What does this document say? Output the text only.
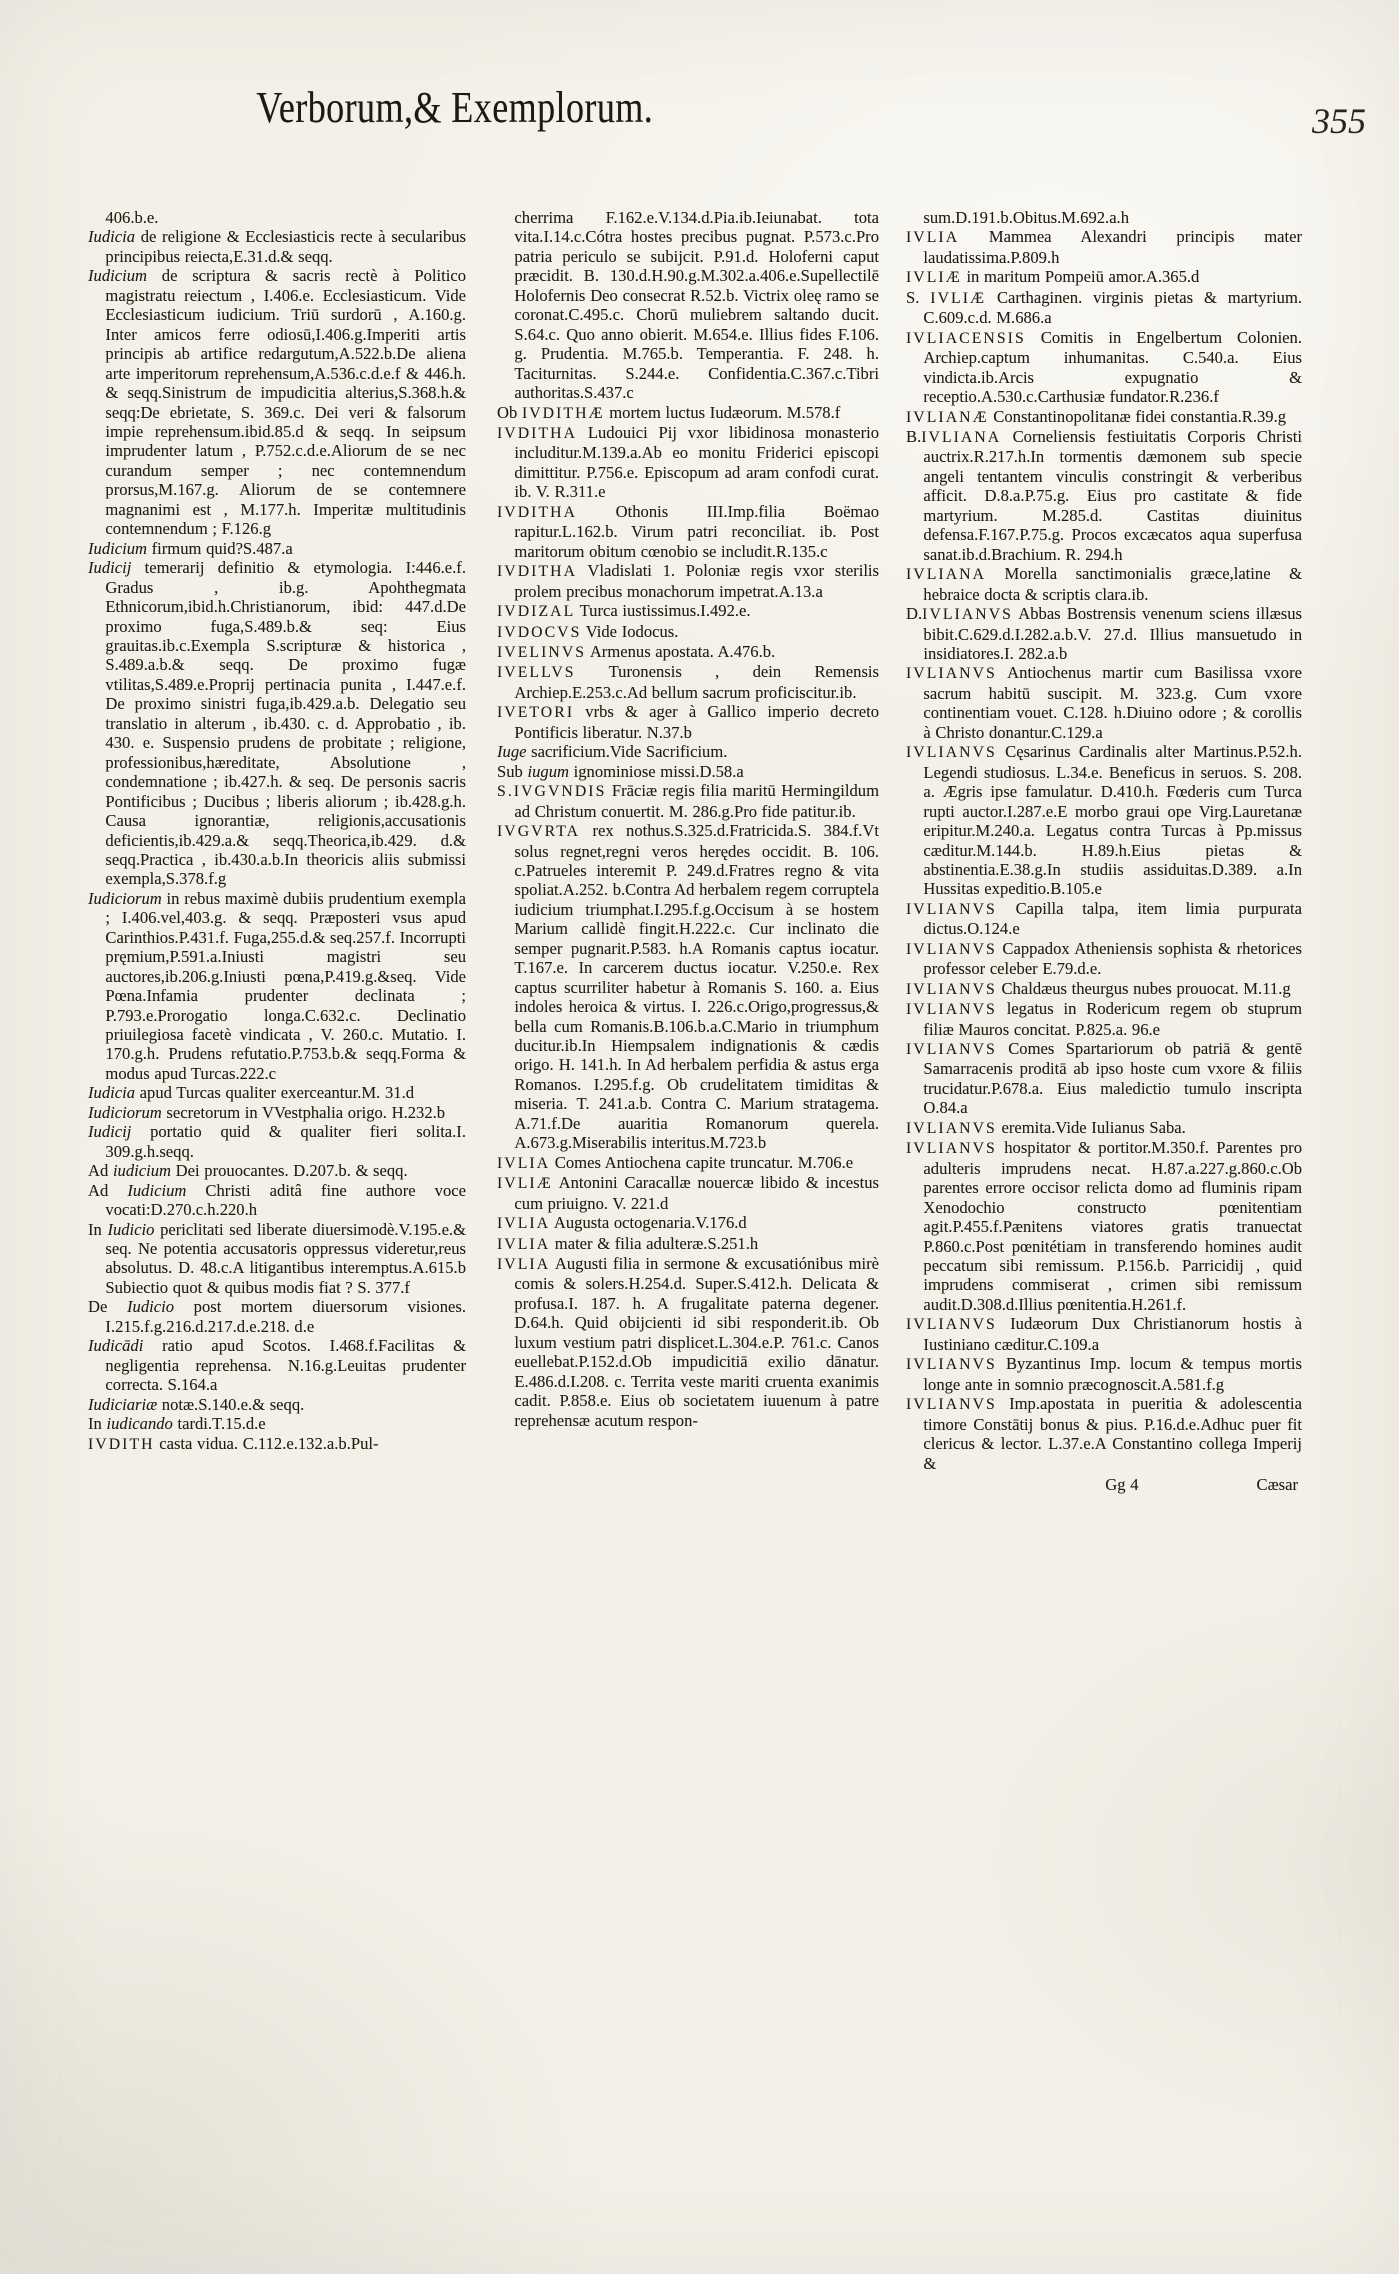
Verborum,& Exemplorum.	355

406.b.e.

Iudicia de religione & Ecclesiasticis recte à secularibus principibus reiecta,E.31.d.& seqq.

Iudicium de scriptura & sacris rectè à Politico magistratu reiectum , I.406.e. Ecclesiasticum. Vide Ecclesiasticum iudicium. Triū surdorū , A.160.g. Inter amicos ferre odiosū,I.406.g.Imperiti artis principis ab artifice redargutum,A.522.b.De aliena arte imperitorum reprehensum,A.536.c.d.e.f & 446.h. & seqq.Sinistrum de impudicitia alterius,S.368.h.& seqq:De ebrietate, S. 369.c. Dei veri & falsorum impie reprehensum.ibid.85.d & seqq. In seipsum imprudenter latum , P.752.c.d.e.Aliorum de se nec curandum semper ; nec contemnendum prorsus,M.167.g. Aliorum de se contemnere magnanimi est , M.177.h. Imperitæ multitudinis contemnendum ; F.126.g

Iudicium firmum quid?S.487.a

Iudicij temerarij definitio & etymologia. I:446.e.f. Gradus , ib.g. Apohthegmata Ethnicorum,ibid.h.Christianorum, ibid: 447.d.De proximo fuga,S.489.b.& seq: Eius grauitas.ib.c.Exempla S.scripturæ & historica , S.489.a.b.& seqq. De proximo fugæ vtilitas,S.489.e.Proprij pertinacia punita , I.447.e.f. De proximo sinistri fuga,ib.429.a.b. Delegatio seu translatio in alterum , ib.430. c. d. Approbatio , ib. 430. e. Suspensio prudens de probitate ; religione, professionibus,hæreditate, Absolutione , condemnatione ; ib.427.h. & seq. De personis sacris Pontificibus ; Ducibus ; liberis aliorum ; ib.428.g.h. Causa ignorantiæ, religionis,accusationis deficientis,ib.429.a.& seqq.Theorica,ib.429. d.& seqq.Practica , ib.430.a.b.In theoricis aliis submissi exempla,S.378.f.g

Iudiciorum in rebus maximè dubiis prudentium exempla ; I.406.vel,403.g. & seqq. Præposteri vsus apud Carinthios.P.431.f. Fuga,255.d.& seq.257.f. Incorrupti pręmium,P.591.a.Iniusti magistri seu auctores,ib.206.g.Iniusti pœna,P.419.g.&seq. Vide Pœna.Infamia prudenter declinata ; P.793.e.Prorogatio longa.C.632.c. Declinatio priuilegiosa facetè vindicata , V. 260.c. Mutatio. I. 170.g.h. Prudens refutatio.P.753.b.& seqq.Forma & modus apud Turcas.222.c

Iudicia apud Turcas qualiter exerceantur.M. 31.d

Iudiciorum secretorum in VVestphalia origo. H.232.b

Iudicij portatio quid & qualiter fieri solita.I. 309.g.h.seqq.

Ad iudicium Dei prouocantes. D.207.b. & seqq.

Ad Iudicium Christi aditâ fine authore voce vocati:D.270.c.h.220.h

In Iudicio periclitati sed liberate diuersimodè.V.195.e.& seq. Ne potentia accusatoris oppressus videretur,reus absolutus. D. 48.c.A litigantibus interemptus.A.615.b Subiectio quot & quibus modis fiat ? S. 377.f

De Iudicio post mortem diuersorum visiones. I.215.f.g.216.d.217.d.e.218. d.e

Iudicādi ratio apud Scotos. I.468.f.Facilitas & negligentia reprehensa. N.16.g.Leuitas prudenter correcta. S.164.a

Iudiciariæ notæ.S.140.e.& seqq.

In iudicando tardi.T.15.d.e

IVDITH casta vidua. C.112.e.132.a.b.Pul-

cherrima F.162.e.V.134.d.Pia.ib.Ieiunabat. tota vita.I.14.c.Cótra hostes precibus pugnat. P.573.c.Pro patria periculo se subijcit. P.91.d. Holoferni caput præcidit. B. 130.d.H.90.g.M.302.a.406.e.Supellectilē Holofernis Deo consecrat R.52.b. Victrix oleę ramo se coronat.C.495.c. Chorū muliebrem saltando ducit. S.64.c. Quo anno obierit. M.654.e. Illius fides F.106. g. Prudentia. M.765.b. Temperantia. F. 248. h. Taciturnitas. S.244.e. Confidentia.C.367.c.Tibri authoritas.S.437.c

Ob IVDITHÆ mortem luctus Iudæorum. M.578.f

IVDITHA Ludouici Pij vxor libidinosa monasterio includitur.M.139.a.Ab eo monitu Friderici episcopi dimittitur. P.756.e. Episcopum ad aram confodi curat. ib. V. R.311.e

IVDITHA Othonis III.Imp.filia Boëmao rapitur.L.162.b. Virum patri reconciliat. ib. Post maritorum obitum cœnobio se includit.R.135.c

IVDITHA Vladislati 1. Poloniæ regis vxor sterilis prolem precibus monachorum impetrat.A.13.a

IVDIZAL Turca iustissimus.I.492.e.

IVDOCVS Vide Iodocus.

IVELINVS Armenus apostata. A.476.b.

IVELLVS Turonensis , dein Remensis Archiep.E.253.c.Ad bellum sacrum proficiscitur.ib.

IVETORI vrbs & ager à Gallico imperio decreto Pontificis liberatur. N.37.b

Iuge sacrificium.Vide Sacrificium.

Sub iugum ignominiose missi.D.58.a

S.IVGVNDIS Frāciæ regis filia maritū Hermingildum ad Christum conuertit. M. 286.g.Pro fide patitur.ib.

IVGVRTA rex nothus.S.325.d.Fratricida.S. 384.f.Vt solus regnet,regni veros herędes occidit. B. 106. c.Patrueles interemit P. 249.d.Fratres regno & vita spoliat.A.252. b.Contra Ad herbalem regem corruptela iudicium triumphat.I.295.f.g.Occisum à se hostem Marium callidè fingit.H.222.c. Cur inclinato die semper pugnarit.P.583. h.A Romanis captus iocatur. T.167.e. In carcerem ductus iocatur. V.250.e. Rex captus scurriliter habetur à Romanis S. 160. a. Eius indoles heroica & virtus. I. 226.c.Origo,progressus,& bella cum Romanis.B.106.b.a.C.Mario in triumphum ducitur.ib.In Hiempsalem indignationis & cædis origo. H. 141.h. In Ad herbalem perfidia & astus erga Romanos. I.295.f.g. Ob crudelitatem timiditas & miseria. T. 241.a.b. Contra C. Marium stratagema. A.71.f.De auaritia Romanorum querela. A.673.g.Miserabilis interitus.M.723.b

IVLIA Comes Antiochena capite truncatur. M.706.e

IVLIÆ Antonini Caracallæ nouercæ libido & incestus cum priuigno. V. 221.d

IVLIA Augusta octogenaria.V.176.d

IVLIA mater & filia adulteræ.S.251.h

IVLIA Augusti filia in sermone & excusatiónibus mirè comis & solers.H.254.d. Super.S.412.h. Delicata & profusa.I. 187. h. A frugalitate paterna degener. D.64.h. Quid obijcienti id sibi responderit.ib. Ob luxum vestium patri displicet.L.304.e.P. 761.c. Canos euellebat.P.152.d.Ob impudicitiā exilio dānatur. E.486.d.I.208. c. Territa veste mariti cruenta exanimis cadit. P.858.e. Eius ob societatem iuuenum à patre reprehensæ acutum respon-

sum.D.191.b.Obitus.M.692.a.h

IVLIA Mammea Alexandri principis mater laudatissima.P.809.h

IVLIÆ in maritum Pompeiū amor.A.365.d

S. IVLIÆ Carthaginen. virginis pietas & martyrium. C.609.c.d. M.686.a

IVLIACENSIS Comitis in Engelbertum Colonien. Archiep.captum inhumanitas. C.540.a. Eius vindicta.ib.Arcis expugnatio & receptio.A.530.c.Carthusiæ fundator.R.236.f

IVLIANÆ Constantinopolitanæ fidei constantia.R.39.g

B.IVLIANA Corneliensis festiuitatis Corporis Christi auctrix.R.217.h.In tormentis dæmonem sub specie angeli tentantem vinculis constringit & verberibus afficit. D.8.a.P.75.g. Eius pro castitate & fide martyrium. M.285.d. Castitas diuinitus defensa.F.167.P.75.g. Procos excæcatos aqua superfusa sanat.ib.d.Brachium. R. 294.h

IVLIANA Morella sanctimonialis græce,latine & hebraice docta & scriptis clara.ib.

D.IVLIANVS Abbas Bostrensis venenum sciens illæsus bibit.C.629.d.I.282.a.b.V. 27.d. Illius mansuetudo in insidiatores.I. 282.a.b

IVLIANVS Antiochenus martir cum Basilissa vxore sacrum habitū suscipit. M. 323.g. Cum vxore continentiam vouet. C.128. h.Diuino odore ; & corollis à Christo donantur.C.129.a

IVLIANVS Cęsarinus Cardinalis alter Martinus.P.52.h. Legendi studiosus. L.34.e. Beneficus in seruos. S. 208. a. Ægris ipse famulatur. D.410.h. Fœderis cum Turca rupti auctor.I.287.e.E morbo graui ope Virg.Lauretanæ eripitur.M.240.a. Legatus contra Turcas à Pp.missus cæditur.M.144.b. H.89.h.Eius pietas & abstinentia.E.38.g.In studiis assiduitas.D.389. a.In Hussitas expeditio.B.105.e

IVLIANVS Capilla talpa, item limia purpurata dictus.O.124.e

IVLIANVS Cappadox Atheniensis sophista & rhetorices professor celeber E.79.d.e.

IVLIANVS Chaldæus theurgus nubes prouocat. M.11.g

IVLIANVS legatus in Rodericum regem ob stuprum filiæ Mauros concitat. P.825.a. 96.e

IVLIANVS Comes Spartariorum ob patriā & gentē Samarracenis proditā ab ipso hoste cum vxore & filiis trucidatur.P.678.a. Eius maledictio tumulo inscripta O.84.a

IVLIANVS eremita.Vide Iulianus Saba.

IVLIANVS hospitator & portitor.M.350.f. Parentes pro adulteris imprudens necat. H.87.a.227.g.860.c.Ob parentes errore occisor relicta domo ad fluminis ripam Xenodochio constructo pœnitentiam agit.P.455.f.Pænitens viatores gratis tranuectat P.860.c.Post pœnitétiam in transferendo homines audit peccatum sibi remissum. P.156.b. Parricidij , quid imprudens commiserat , crimen sibi remissum audit.D.308.d.Illius pœnitentia.H.261.f.

IVLIANVS Iudæorum Dux Christianorum hostis à Iustiniano cæditur.C.109.a

IVLIANVS Byzantinus Imp. locum & tempus mortis longe ante in somnio præcognoscit.A.581.f.g

IVLIANVS Imp.apostata in pueritia & adolescentia timore Constātij bonus & pius. P.16.d.e.Adhuc puer fit clericus & lector. L.37.e.A Constantino collega Imperij &

Gg 4	Cæsar
